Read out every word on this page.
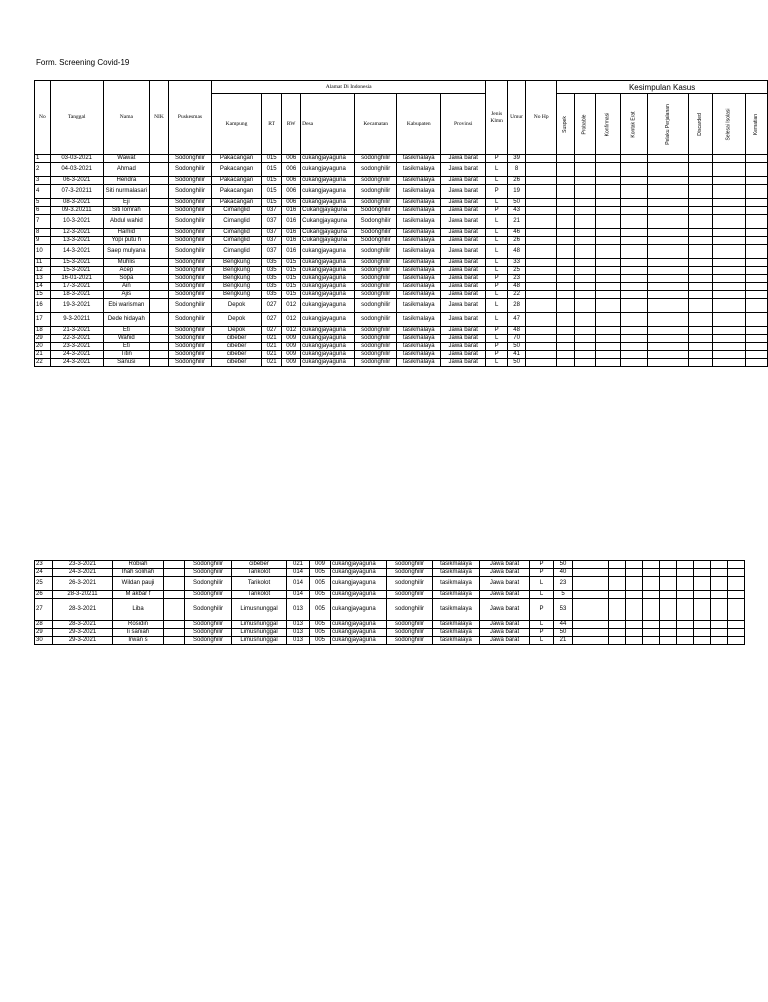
Form. Screening Covid-19
No	Tanggal	Nama	NIK	Puskesmas	Alamat Di Indonesia							Jenis Klmn	Umur	No Hp	Kesimpulan Kasus							
					Kampung	RT	RW	Desa	Kecamatan	Kabupaten	Provinsi				Suspek	Probable	Konfirmasi	Kontak Erat	Pelaku Perjalanan	Discarded	Selesai Isolasi	Kematian
1	03-03-2021	Wawat		Sodonghilir	Pakacangan	015	006	cukangjayaguna	sodonghilir	tasikmalaya	Jawa barat	P	39									
2	04-03-2021	Ahmad		Sodonghilir	Pakacangan	015	006	cukangjayaguna	sodonghilir	tasikmalaya	Jawa barat	L	8									
3	06-3-2021	Hendra		Sodonghilir	Pakacangan	015	006	cukangjayaguna	sodonghilir	tasikmalaya	Jawa barat	L	26									
4	07-3-20211	Siti nurmalasari		Sodonghilir	Pakacangan	015	006	cukangjayaguna	sodonghilir	tasikmalaya	Jawa barat	P	19									
5	08-3-2021	Eji		Sodonghilir	Pakacangan	015	006	cukangjayaguna	sodonghilir	tasikmalaya	Jawa barat	L	50									
6	09-3.20211	Siti Iomrah		Sodonghilir	Cimanglid	037	016	Cukangjayaguna	Sodonghilir	tasikmalaya	Jawa barat	P	43									
7	10-3-2021	Abdul wahid		Sodonghilir	Cimanglid	037	016	Cukangjayaguna	Sodonghilir	tasikmalaya	Jawa barat	L	21									
8	12-3-2021	Hamid		Sodonghilir	Cimanglid	037	016	Cukangjayaguna	Sodonghilir	tasikmalaya	Jawa barat	L	46									
9	13-3-2021	Yopi putu h		Sodonghilir	Cimanglid	037	016	Cukangjayaguna	Sodonghilir	tasikmalaya	Jawa barat	L	26									
10	14-3-2021	Saep mulyana		Sodonghilir	Cimanglid	037	016	cukangjayaguna	sodonghilir	tasikmalaya	Jawa barat	L	48									
11	15-3-2021	Muhlis		Sodonghilir	Bengkung	035	015	cukangjayaguna	sodonghilir	tasikmalaya	Jawa barat	L	33									
12	15-3-2021	Acep		Sodonghilir	Bengkung	035	015	cukangjayaguna	sodonghilir	tasikmalaya	Jawa barat	L	25									
13	16-01-2021	Sopa		Sodonghilir	Bengkung	035	015	cukangjayaguna	sodonghilir	tasikmalaya	Jawa barat	P	23									
14	17-3-2021	Ain		Sodonghilir	Bengkung	035	015	cukangjayaguna	sodonghilir	tasikmalaya	Jawa barat	P	48									
15	18-3-2021	Ajis		Sodonghilir	Bengkung	035	015	cukangjayaguna	sodonghilir	tasikmalaya	Jawa barat	L	22									
16	19-3-2021	Ebi warisman		Sodonghilir	Depok	027	012	cukangjayaguna	sodonghilir	tasikmalaya	Jawa barat	L	28									
17	9-3-20211	Dede hidayah		Sodonghilir	Depok	027	012	cukangjayaguna	sodonghilir	tasikmalaya	Jawa barat	L	47									
18	21-3-2021	Eti		Sodonghilir	Depok	027	012	cukangjayaguna	sodonghilir	tasikmalaya	Jawa barat	P	48									
29	22-3-2021	Wahid		Sodonghilir	cibeber	021	009	cukangjayaguna	sodonghilir	tasikmalaya	Jawa barat	L	70									
20	23-3-2021	Eti		Sodonghilir	cibeber	021	009	cukangjayaguna	sodonghilir	tasikmalaya	Jawa barat	P	50									
21	24-3-2021	Titin		Sodonghilir	cibeber	021	009	cukangjayaguna	sodonghilir	tasikmalaya	Jawa barat	P	41									
22	24-3-2021	Sanusi		Sodonghilir	cibeber	021	009	cukangjayaguna	sodonghilir	tasikmalaya	Jawa barat	L	50									
23	23-3-2021	Robiah		Sodonghilir	cibeber	021	009	cukangjayaguna	sodonghilir	tasikmalaya	Jawa barat	P	50									
24	24-3-2021	Ihah solihah		Sodonghilir	Tarikolot	014	005	cukangjayaguna	sodonghilir	tasikmalaya	Jawa barat	P	40									
25	26-3-2021	Wildan pauji		Sodonghilir	Tarikolot	014	005	cukangjayaguna	sodonghilir	tasikmalaya	Jawa barat	L	23									
26	28-3-20211	M akbar f		Sodonghilir	Tarikolot	014	005	cukangjayaguna	sodonghilir	tasikmalaya	Jawa barat	L	5									
27	28-3-2021	Liba		Sodonghilir	Limusnunggal	013	005	cukangjayaguna	sodonghilir	tasikmalaya	Jawa barat	P	53									
28	28-3-2021	Rosidin		Sodonghilir	Limusnunggal	013	005	cukangjayaguna	sodonghilir	tasikmalaya	Jawa barat	L	44									
29	29-3-2021	Ii saniah		Sodonghilir	Limusnunggal	013	005	cukangjayaguna	sodonghilir	tasikmalaya	Jawa barat	P	50									
30	29-3-2021	Irwan s		Sodonghilir	Limusnunggal	013	005	cukangjayaguna	sodonghilir	tasikmalaya	Jawa barat	L	21									
